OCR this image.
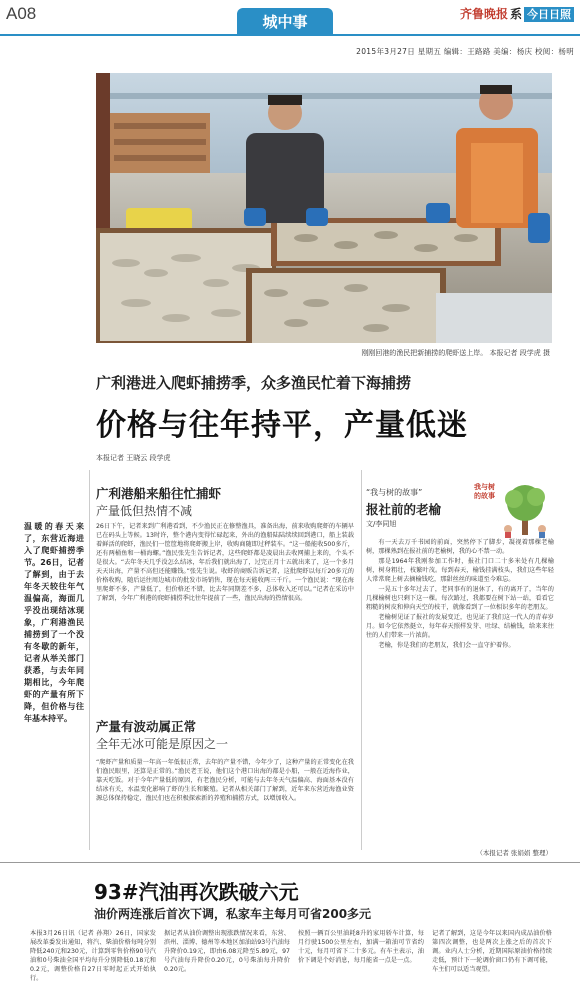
A08	城中事	齐鲁晚报 系 今日日照
2015年3月27日 星期五 编辑：王路路 美编：杨庆 校阅：杨明
刚刚回港的渔民把新捕捞的爬虾送上岸。 本报记者 段学虎 摄
广利港进入爬虾捕捞季，众多渔民忙着下海捕捞
价格与往年持平，产量低迷
本报记者 王晓云 段学虎
温暖的春天来了，东营近海进入了爬虾捕捞季节。26日，记者了解到，由于去年冬天较往年气温偏高，海面几乎没出现结冰现象，广利港渔民捕捞到了一个没有冬歇的新年，记者从举关部门获悉，与去年同期相比，今年爬虾的产量有所下降，但价格与往年基本持平。
广利港船来船往忙捕虾
产量低但热情不减
26日下午，记者来到广利港看到，不少渔民正在修整渔具，准备出海，前来收购爬虾的车辆早已在码头上等候。13时许，整个港内变得忙碌起来，外出的渔船陆陆续续回到港口，船上装载着鲜活的爬虾，渔民们一筐筐地将爬虾搬上岸，收购商随即过秤装车。“这一船能收500多斤，还有两桶鱼和一桶海螺。”渔民张先生告诉记者，这些爬虾都是凌晨出去收网捕上来的，个头不是很大。“去年冬天几乎没怎么结冰，年后我们就出海了，过完正月十五就出来了，这一个多月天天出海，产量不高但还能赚钱。”张先生说。收虾的商贩告诉记者，这批爬虾以每斤20多元的价格收购，随后运往周边城市的批发市场销售，现在每天能收两三千斤。一个渔民说：“现在海里爬虾不多，产量低了，但价格还不错，比去年同期差不多，总体收入还可以。”记者在采访中了解到，今年广利港的爬虾捕捞季比往年提前了一些，渔民出海的热情很高。
产量有波动属正常
全年无冰可能是原因之一
“爬虾产量和质量一年高一年低很正常，去年的产量不错，今年少了，这种产量的正常变化在我们渔民眼里，还算是正常的。”渔民老王说，他们这个港口出海的都是小船，一般在近海作业，靠天吃饭。对于今年产量低的原因，有老渔民分析，可能与去年冬天气温偏高、海面基本没有结冰有关，水温变化影响了虾的生长和繁殖。记者从相关部门了解到，近年来东营近海渔业资源总体保持稳定，渔民们也在积极探索新的养殖和捕捞方式，以增加收入。
“我与树的故事”
报社前的老榆
文/李同旭
我与树的故事

有一天去万千书园的前面，突然停下了脚步，凝视着那棵老榆树，那棵熟到在报社前的老榆树，我的心不禁一动。

那是1964年我刚参加工作时，报社门口二十多米处有几棵榆树，树身粗壮，枝繁叶茂。每到春天，榆钱挂满枝头，我们这些年轻人常常爬上树去摘榆钱吃，那甜丝丝的味道至今难忘。

一晃五十多年过去了，老同事有的退休了，有的离开了，当年的几棵榆树也只剩下这一棵。每次路过，我都要在树下站一站，看看它粗糙的树皮和伸向天空的枝干，就像看到了一位相识多年的老朋友。

老榆树见证了报社的发展变迁，也见证了我们这一代人的青春岁月。如今它依然挺立，每年春天照样发芽、吐绿、结榆钱，给来来往往的人们带来一片浓荫。

老榆，你是我们的老朋友，我们会一直守护着你。

（本报记者 张娟娟 整理）
93#汽油再次跌破六元
油价两连涨后首次下调，私家车主每月可省200多元
本报3月26日讯（记者 孙翔）26日，国家发展改革委发出通知，将汽、柴油价格每吨分别降低240元和230元，计算到零售价格90号汽油和0号柴油全国平均每升分别降低0.18元和0.2元，调整价格自27日零时起正式开始执行。
据记者从油价调整出现涨跌情况来看，东营、滨州、淄博、德州等本地区加油站93号汽油每升降价0.19元，即由6.08元降至5.89元，97号汽油每升降价0.20元，0号柴油每升降价0.20元。
按照一辆百公里油耗8升的家用轿车计算，每月行驶1500公里左右，加满一箱油可节省约十元，每月可省下二十多元。有车主表示，油价下调是个好消息，每月能省一点是一点。
记者了解到，这是今年以来国内成品油价格第四次调整，也是两次上涨之后的首次下调。业内人士分析，近期国际原油价格持续走低，预计下一轮调价窗口仍有下调可能，车主们可以适当观望。
